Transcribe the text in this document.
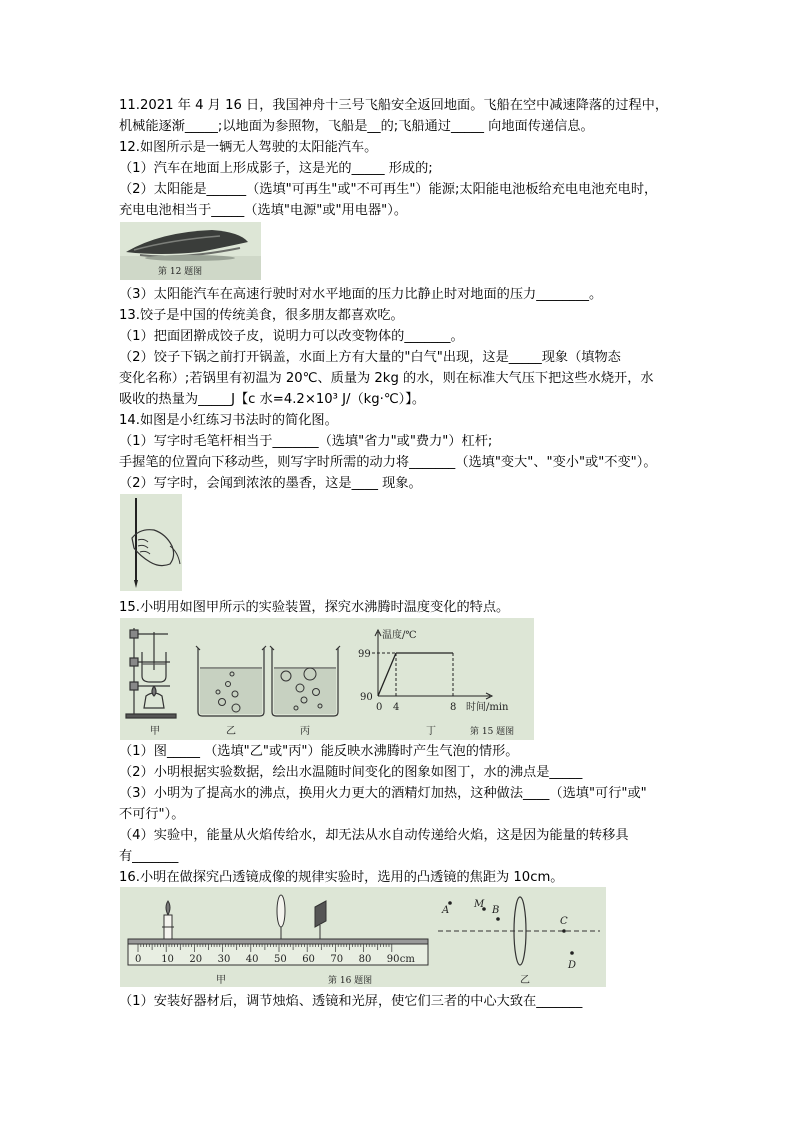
11.2021 年 4 月 16 日，我国神舟十三号飞船安全返回地面。飞船在空中减速降落的过程中，
机械能逐渐_____;以地面为参照物，飞船是__的;飞船通过_____ 向地面传递信息。
12.如图所示是一辆无人驾驶的太阳能汽车。
（1）汽车在地面上形成影子，这是光的_____ 形成的;
（2）太阳能是______（选填"可再生"或"不可再生"）能源;太阳能电池板给充电电池充电时，
充电电池相当于_____（选填"电源"或"用电器"）。
第 12 题图
（3）太阳能汽车在高速行驶时对水平地面的压力比静止时对地面的压力________。
13.饺子是中国的传统美食，很多朋友都喜欢吃。
（1）把面团擀成饺子皮，说明力可以改变物体的_______。
（2）饺子下锅之前打开锅盖，水面上方有大量的"白气"出现，这是_____现象（填物态
变化名称）;若锅里有初温为 20℃、质量为 2kg 的水，则在标准大气压下把这些水烧开，水
吸收的热量为_____J【c 水=4.2×10³ J/（kg·℃）】。
14.如图是小红练习书法时的简化图。
（1）写字时毛笔杆相当于_______（选填"省力"或"费力"）杠杆;
手握笔的位置向下移动些，则写字时所需的动力将_______（选填"变大"、"变小"或"不变"）。
（2）写字时，会闻到浓浓的墨香，这是____ 现象。
15.小明用如图甲所示的实验装置，探究水沸腾时温度变化的特点。
甲	乙	丙
温度/℃
99
90
0 4	8 时间/min
丁	第 15 题图
（1）图_____ （选填"乙"或"丙"）能反映水沸腾时产生气泡的情形。
（2）小明根据实验数据，绘出水温随时间变化的图象如图丁，水的沸点是_____
（3）小明为了提高水的沸点，换用火力更大的酒精灯加热，这种做法____（选填"可行"或"
不可行"）。
（4）实验中，能量从火焰传给水，却无法从水自动传递给火焰，这是因为能量的转移具
有_______
16.小明在做探究凸透镜成像的规律实验时，选用的凸透镜的焦距为 10cm。
甲	第 16 题图
A
M
B
C
D
乙
0 10 20 30 40 50 60 70 80 90 cm
（1）安装好器材后，调节烛焰、透镜和光屏，使它们三者的中心大致在_______
